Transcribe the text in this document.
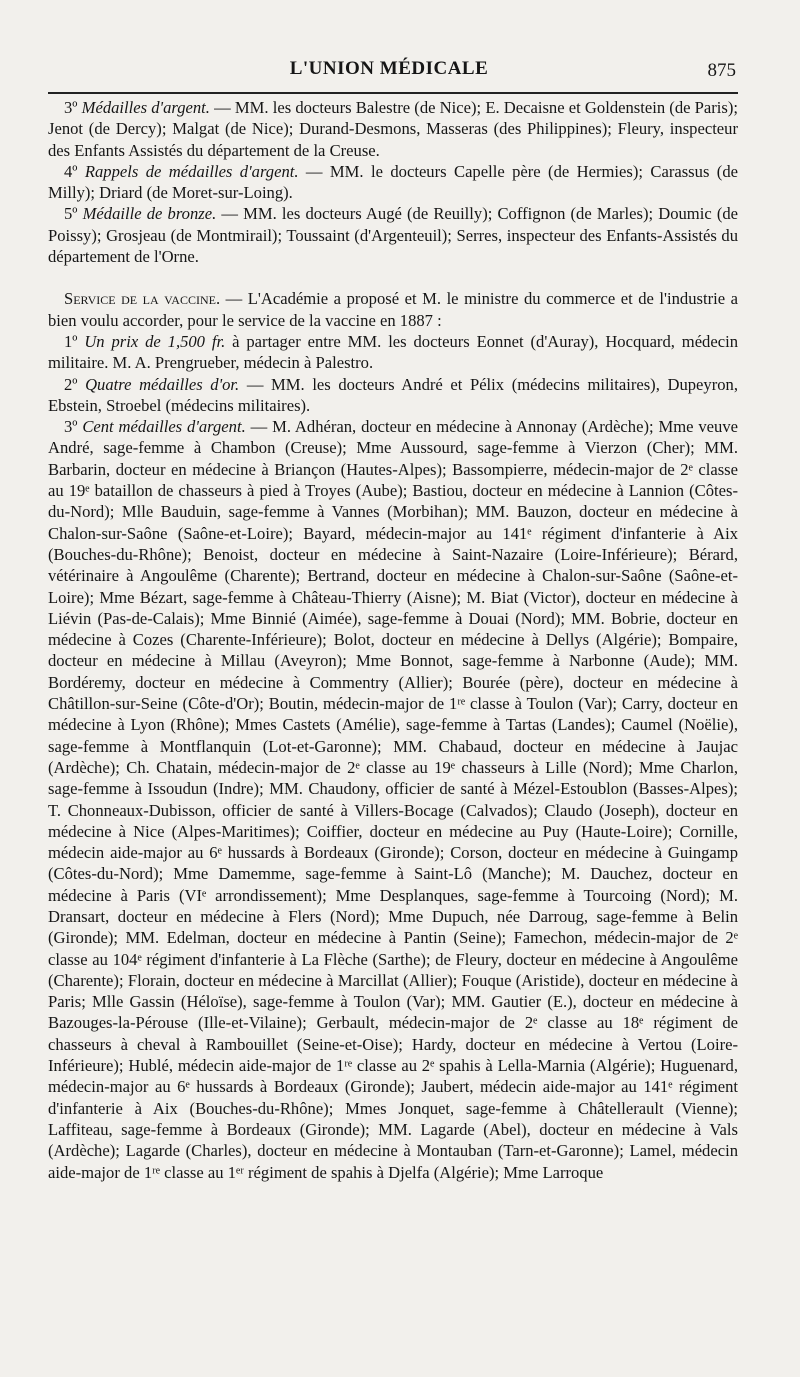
L'UNION MÉDICALE	875

3º Médailles d'argent. — MM. les docteurs Balestre (de Nice); E. Decaisne et Goldenstein (de Paris); Jenot (de Dercy); Malgat (de Nice); Durand-Desmons, Masseras (des Philippines); Fleury, inspecteur des Enfants Assistés du département de la Creuse.

4º Rappels de médailles d'argent. — MM. le docteurs Capelle père (de Hermies); Carassus (de Milly); Driard (de Moret-sur-Loing).

5º Médaille de bronze. — MM. les docteurs Augé (de Reuilly); Coffignon (de Marles); Doumic (de Poissy); Grosjeau (de Montmirail); Toussaint (d'Argenteuil); Serres, inspecteur des Enfants-Assistés du département de l'Orne.

Service de la vaccine. — L'Académie a proposé et M. le ministre du commerce et de l'industrie a bien voulu accorder, pour le service de la vaccine en 1887 :

1º Un prix de 1,500 fr. à partager entre MM. les docteurs Eonnet (d'Auray), Hocquard, médecin militaire. M. A. Prengrueber, médecin à Palestro.

2º Quatre médailles d'or. — MM. les docteurs André et Pélix (médecins militaires), Dupeyron, Ebstein, Stroebel (médecins militaires).

3º Cent médailles d'argent. — M. Adhéran, docteur en médecine à Annonay (Ardèche); Mme veuve André, sage-femme à Chambon (Creuse); Mme Aussourd, sage-femme à Vierzon (Cher); MM. Barbarin, docteur en médecine à Briançon (Hautes-Alpes); Bassompierre, médecin-major de 2ᵉ classe au 19ᵉ bataillon de chasseurs à pied à Troyes (Aube); Bastiou, docteur en médecine à Lannion (Côtes-du-Nord); Mlle Bauduin, sage-femme à Vannes (Morbihan); MM. Bauzon, docteur en médecine à Chalon-sur-Saône (Saône-et-Loire); Bayard, médecin-major au 141ᵉ régiment d'infanterie à Aix (Bouches-du-Rhône); Benoist, docteur en médecine à Saint-Nazaire (Loire-Inférieure); Bérard, vétérinaire à Angoulême (Charente); Bertrand, docteur en médecine à Chalon-sur-Saône (Saône-et-Loire); Mme Bézart, sage-femme à Château-Thierry (Aisne); M. Biat (Victor), docteur en médecine à Liévin (Pas-de-Calais); Mme Binnié (Aimée), sage-femme à Douai (Nord); MM. Bobrie, docteur en médecine à Cozes (Charente-Inférieure); Bolot, docteur en médecine à Dellys (Algérie); Bompaire, docteur en médecine à Millau (Aveyron); Mme Bonnot, sage-femme à Narbonne (Aude); MM. Bordéremy, docteur en médecine à Commentry (Allier); Bourée (père), docteur en médecine à Châtillon-sur-Seine (Côte-d'Or); Boutin, médecin-major de 1ʳᵉ classe à Toulon (Var); Carry, docteur en médecine à Lyon (Rhône); Mmes Castets (Amélie), sage-femme à Tartas (Landes); Caumel (Noëlie), sage-femme à Montflanquin (Lot-et-Garonne); MM. Chabaud, docteur en médecine à Jaujac (Ardèche); Ch. Chatain, médecin-major de 2ᵉ classe au 19ᵉ chasseurs à Lille (Nord); Mme Charlon, sage-femme à Issoudun (Indre); MM. Chaudony, officier de santé à Mézel-Estoublon (Basses-Alpes); T. Chonneaux-Dubisson, officier de santé à Villers-Bocage (Calvados); Claudo (Joseph), docteur en médecine à Nice (Alpes-Maritimes); Coiffier, docteur en médecine au Puy (Haute-Loire); Cornille, médecin aide-major au 6ᵉ hussards à Bordeaux (Gironde); Corson, docteur en médecine à Guingamp (Côtes-du-Nord); Mme Damemme, sage-femme à Saint-Lô (Manche); M. Dauchez, docteur en médecine à Paris (VIᵉ arrondissement); Mme Desplanques, sage-femme à Tourcoing (Nord); M. Dransart, docteur en médecine à Flers (Nord); Mme Dupuch, née Darroug, sage-femme à Belin (Gironde); MM. Edelman, docteur en médecine à Pantin (Seine); Famechon, médecin-major de 2ᵉ classe au 104ᵉ régiment d'infanterie à La Flèche (Sarthe); de Fleury, docteur en médecine à Angoulême (Charente); Florain, docteur en médecine à Marcillat (Allier); Fouque (Aristide), docteur en médecine à Paris; Mlle Gassin (Héloïse), sage-femme à Toulon (Var); MM. Gautier (E.), docteur en médecine à Bazouges-la-Pérouse (Ille-et-Vilaine); Gerbault, médecin-major de 2ᵉ classe au 18ᵉ régiment de chasseurs à cheval à Rambouillet (Seine-et-Oise); Hardy, docteur en médecine à Vertou (Loire-Inférieure); Hublé, médecin aide-major de 1ʳᵉ classe au 2ᵉ spahis à Lella-Marnia (Algérie); Huguenard, médecin-major au 6ᵉ hussards à Bordeaux (Gironde); Jaubert, médecin aide-major au 141ᵉ régiment d'infanterie à Aix (Bouches-du-Rhône); Mmes Jonquet, sage-femme à Châtellerault (Vienne); Laffiteau, sage-femme à Bordeaux (Gironde); MM. Lagarde (Abel), docteur en médecine à Vals (Ardèche); Lagarde (Charles), docteur en médecine à Montauban (Tarn-et-Garonne); Lamel, médecin aide-major de 1ʳᵉ classe au 1ᵉʳ régiment de spahis à Djelfa (Algérie); Mme Larroque
